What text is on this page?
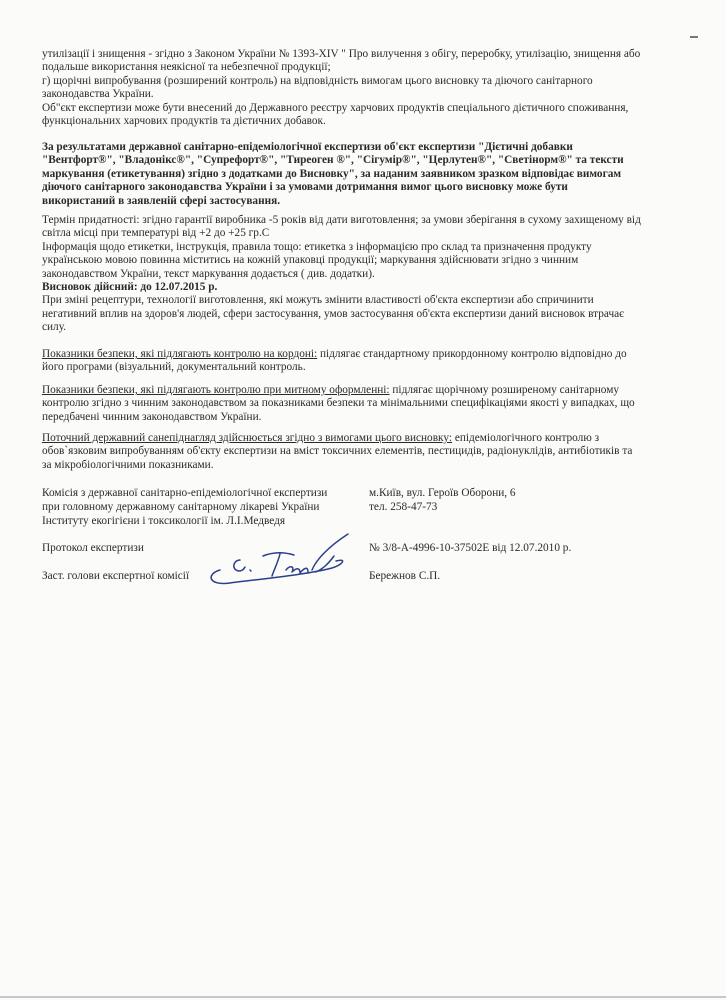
утилізації і знищення - згідно з Законом України № 1393-XIV " Про вилучення з обігу, переробку, утилізацію, знищення або подальше використання неякісної та небезпечної продукції;

г) щорічні випробування (розширений контроль) на відповідність вимогам цього висновку та діючого санітарного законодавства України.

Об"єкт експертизи може бути внесений до Державного реєстру харчових продуктів спеціального дієтичного споживання, функціональних харчових продуктів та дієтичних добавок.

За результатами державної санітарно-епідеміологічної експертизи об'єкт експертизи "Дієтичні добавки "Вентфорт®", "Владонікс®", "Супрефорт®", "Тиреоген ®", "Сігумір®", "Церлутен®", "Светінорм®" та тексти маркування (етикетування) згідно з додатками до Висновку", за наданим заявником зразком відповідає вимогам діючого санітарного законодавства України і за умовами дотримання вимог цього висновку може бути використаний в заявленій сфері застосування.

Термін придатності: згідно гарантії виробника -5 років від дати виготовлення; за умови зберігання в сухому захищеному від світла місці при температурі від +2 до +25 гр.С

Інформація щодо етикетки, інструкція, правила тощо: етикетка з інформацією про склад та призначення продукту українською мовою повинна міститись на кожній упаковці продукції; маркування здійснювати згідно з чинним законодавством України, текст маркування додається ( див. додатки).

Висновок дійсний: до 12.07.2015 р.

При зміні рецептури, технології виготовлення, які можуть змінити властивості об'єкта експертизи або спричинити негативний вплив на здоров'я людей, сфери застосування, умов застосування об'єкта експертизи даний висновок втрачає силу.

Показники безпеки, які підлягають контролю на кордоні: підлягає стандартному прикордонному контролю відповідно до його програми (візуальний, документальний контроль.

Показники безпеки, які підлягають контролю при митному оформленні: підлягає щорічному розширеному санітарному контролю згідно з чинним законодавством за показниками безпеки та мінімальними специфікаціями якості у випадках, що передбачені чинним законодавством України.

Поточний державний санепіднагляд здійснюється згідно з вимогами цього висновку: епідеміологічного контролю з обов`язковим випробуванням об'єкту експертизи на вміст токсичних елементів, пестицидів, радіонуклідів, антибіотиків та за мікробіологічними показниками.

Комісія з державної санітарно-епідеміологічної експертизи

при головному державному санітарному лікареві України

Інституту екогігієни і токсикології ім. Л.І.Медведя

м.Київ, вул. Героїв Оборони, 6

тел. 258-47-73

Протокол експертизи	№ 3/8-А-4996-10-37502Е від 12.07.2010 р.

Заст. голови експертної комісії	Бережнов С.П.

С. Бер
